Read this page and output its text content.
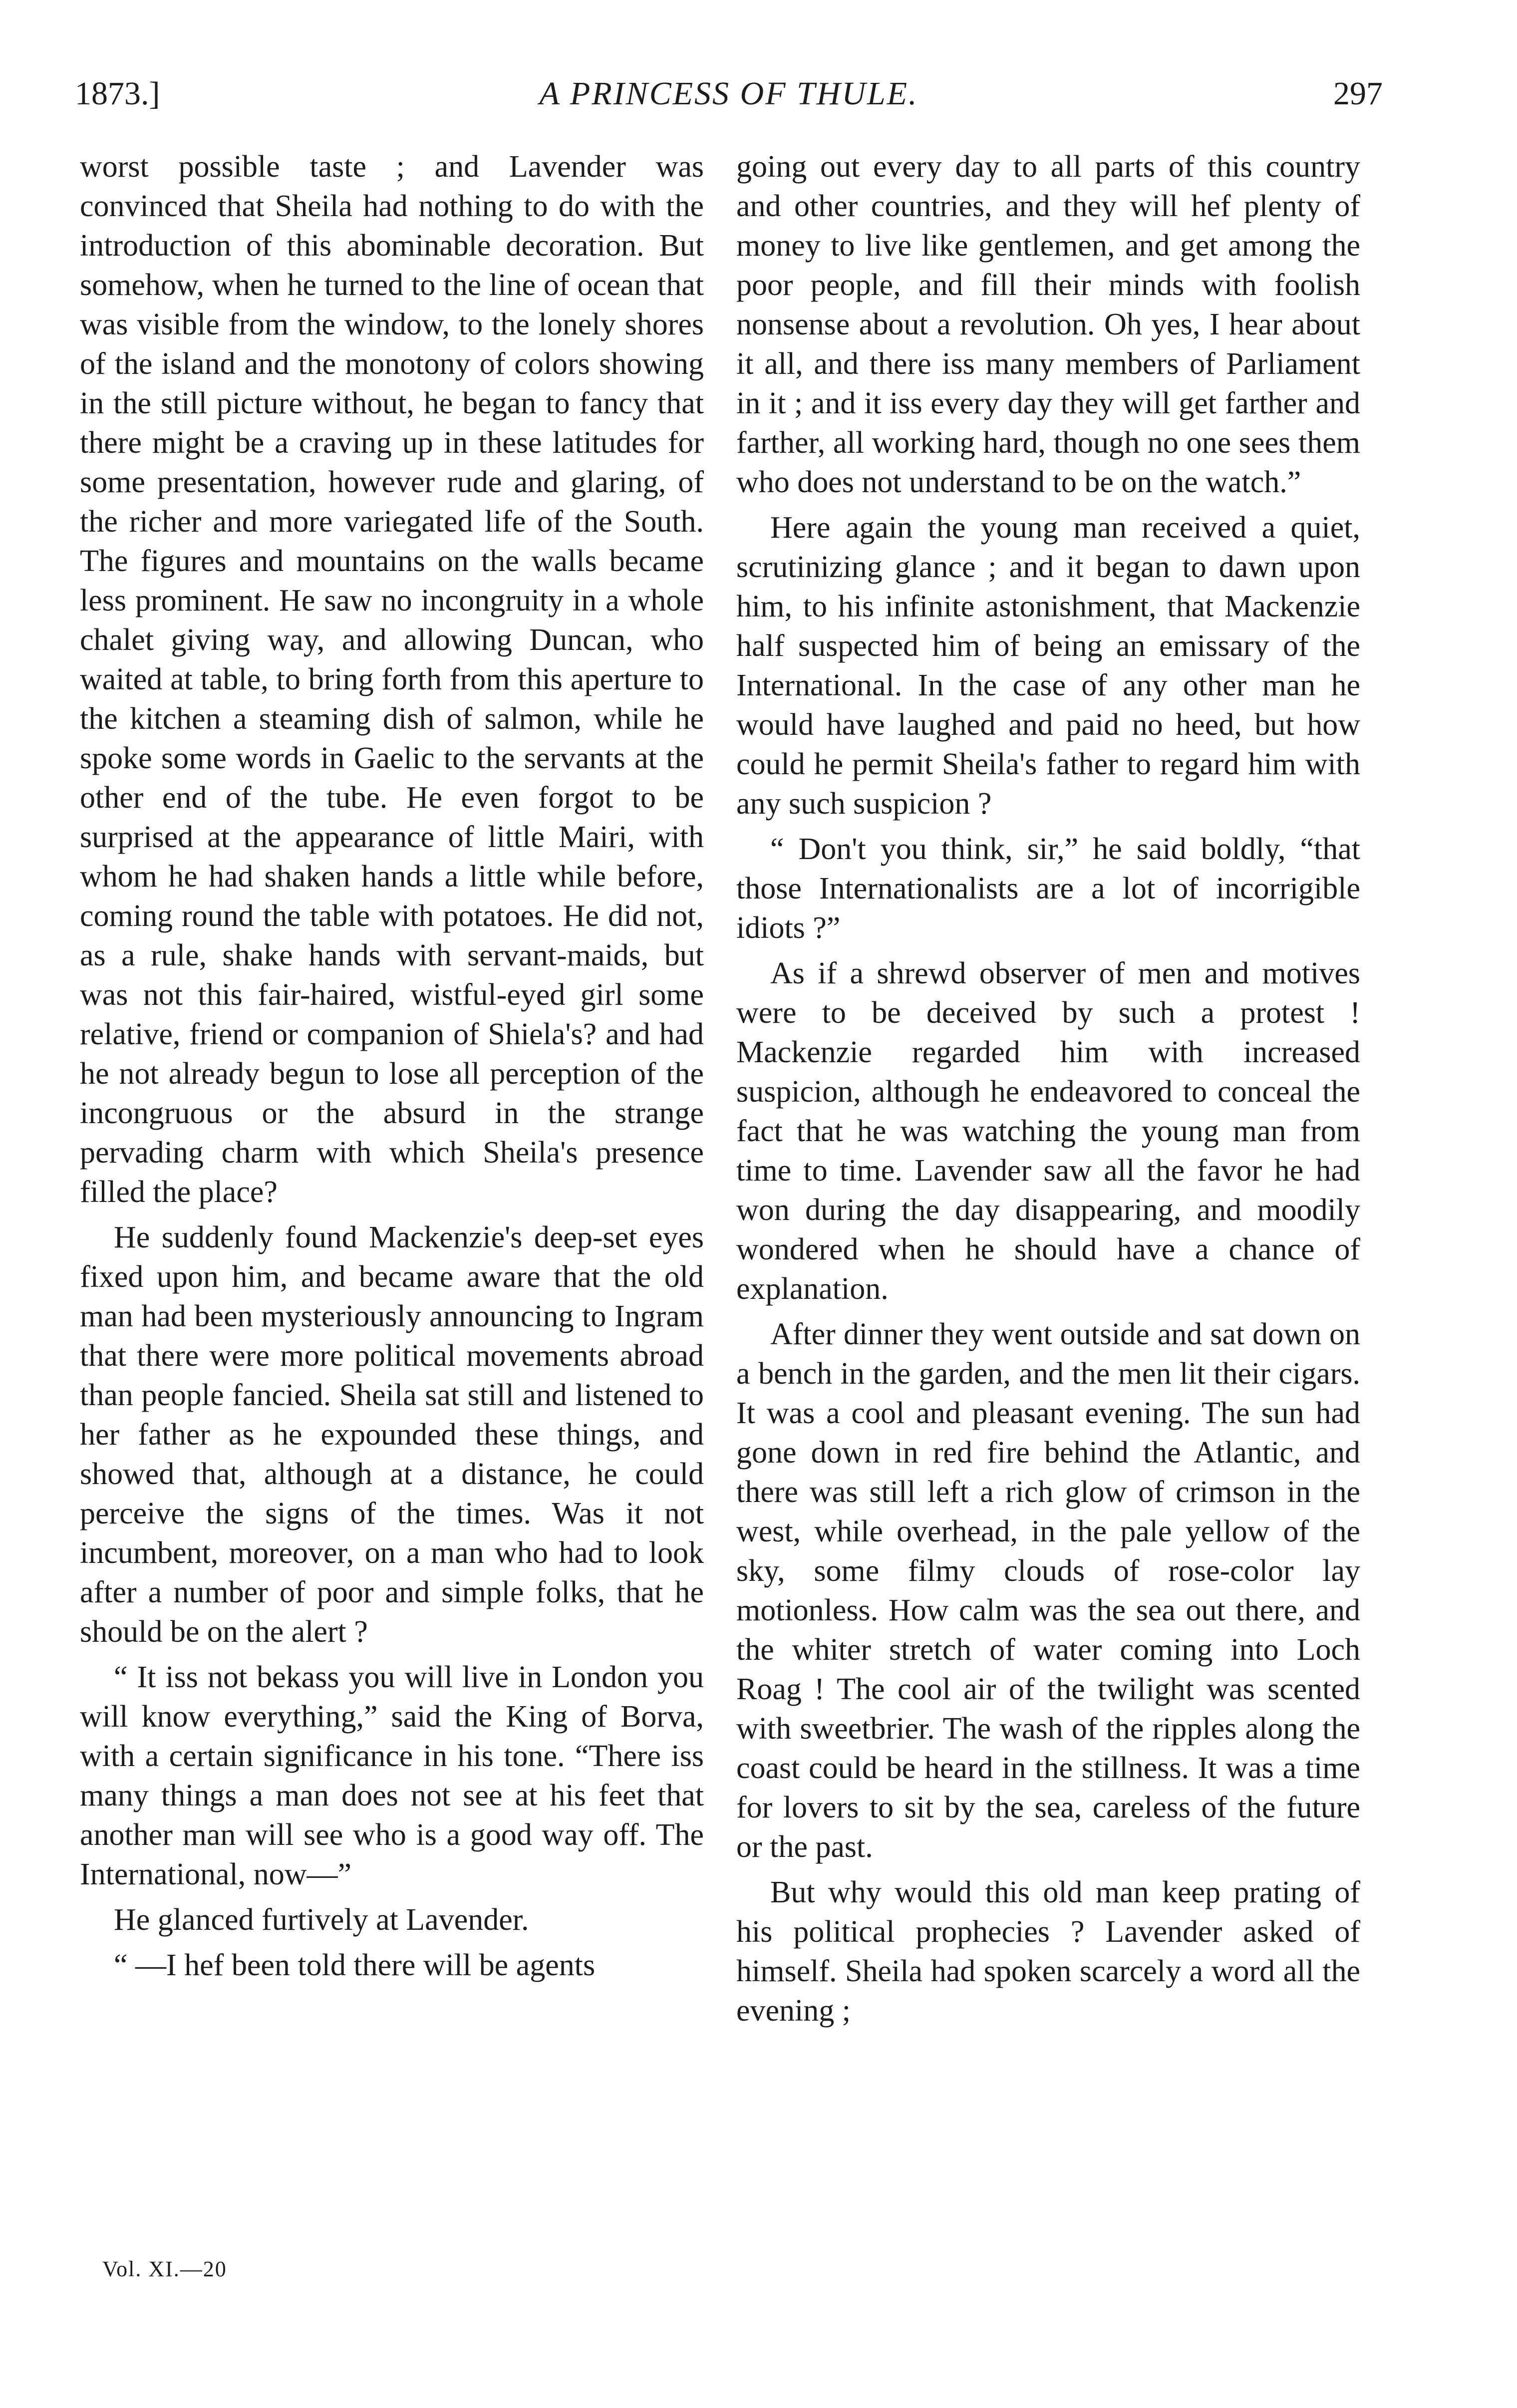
1873.]	A PRINCESS OF THULE.	297

worst possible taste ; and Lavender was convinced that Sheila had nothing to do with the introduction of this abominable decoration. But somehow, when he turned to the line of ocean that was visible from the window, to the lonely shores of the island and the monotony of colors showing in the still picture without, he began to fancy that there might be a craving up in these latitudes for some presentation, however rude and glaring, of the richer and more variegated life of the South. The figures and mountains on the walls became less prominent. He saw no incongruity in a whole chalet giving way, and allowing Duncan, who waited at table, to bring forth from this aperture to the kitchen a steaming dish of salmon, while he spoke some words in Gaelic to the servants at the other end of the tube. He even forgot to be surprised at the appearance of little Mairi, with whom he had shaken hands a little while before, coming round the table with potatoes. He did not, as a rule, shake hands with servant-maids, but was not this fair-haired, wistful-eyed girl some relative, friend or companion of Shiela's? and had he not already begun to lose all perception of the incongruous or the absurd in the strange pervading charm with which Sheila's presence filled the place?

He suddenly found Mackenzie's deep-set eyes fixed upon him, and became aware that the old man had been mysteriously announcing to Ingram that there were more political movements abroad than people fancied. Sheila sat still and listened to her father as he expounded these things, and showed that, although at a distance, he could perceive the signs of the times. Was it not incumbent, moreover, on a man who had to look after a number of poor and simple folks, that he should be on the alert ?

“ It iss not bekass you will live in London you will know everything,” said the King of Borva, with a certain significance in his tone. “There iss many things a man does not see at his feet that another man will see who is a good way off. The International, now—”

He glanced furtively at Lavender.

“ —I hef been told there will be agents

going out every day to all parts of this country and other countries, and they will hef plenty of money to live like gentlemen, and get among the poor people, and fill their minds with foolish nonsense about a revolution. Oh yes, I hear about it all, and there iss many members of Parliament in it ; and it iss every day they will get farther and farther, all working hard, though no one sees them who does not understand to be on the watch.”

Here again the young man received a quiet, scrutinizing glance ; and it began to dawn upon him, to his infinite astonishment, that Mackenzie half suspected him of being an emissary of the International. In the case of any other man he would have laughed and paid no heed, but how could he permit Sheila's father to regard him with any such suspicion ?

“ Don't you think, sir,” he said boldly, “that those Internationalists are a lot of incorrigible idiots ?”

As if a shrewd observer of men and motives were to be deceived by such a protest ! Mackenzie regarded him with increased suspicion, although he endeavored to conceal the fact that he was watching the young man from time to time. Lavender saw all the favor he had won during the day disappearing, and moodily wondered when he should have a chance of explanation.

After dinner they went outside and sat down on a bench in the garden, and the men lit their cigars. It was a cool and pleasant evening. The sun had gone down in red fire behind the Atlantic, and there was still left a rich glow of crimson in the west, while overhead, in the pale yellow of the sky, some filmy clouds of rose-color lay motionless. How calm was the sea out there, and the whiter stretch of water coming into Loch Roag ! The cool air of the twilight was scented with sweetbrier. The wash of the ripples along the coast could be heard in the stillness. It was a time for lovers to sit by the sea, careless of the future or the past.

But why would this old man keep prating of his political prophecies ? Lavender asked of himself. Sheila had spoken scarcely a word all the evening ;

Vol. XI.—20
